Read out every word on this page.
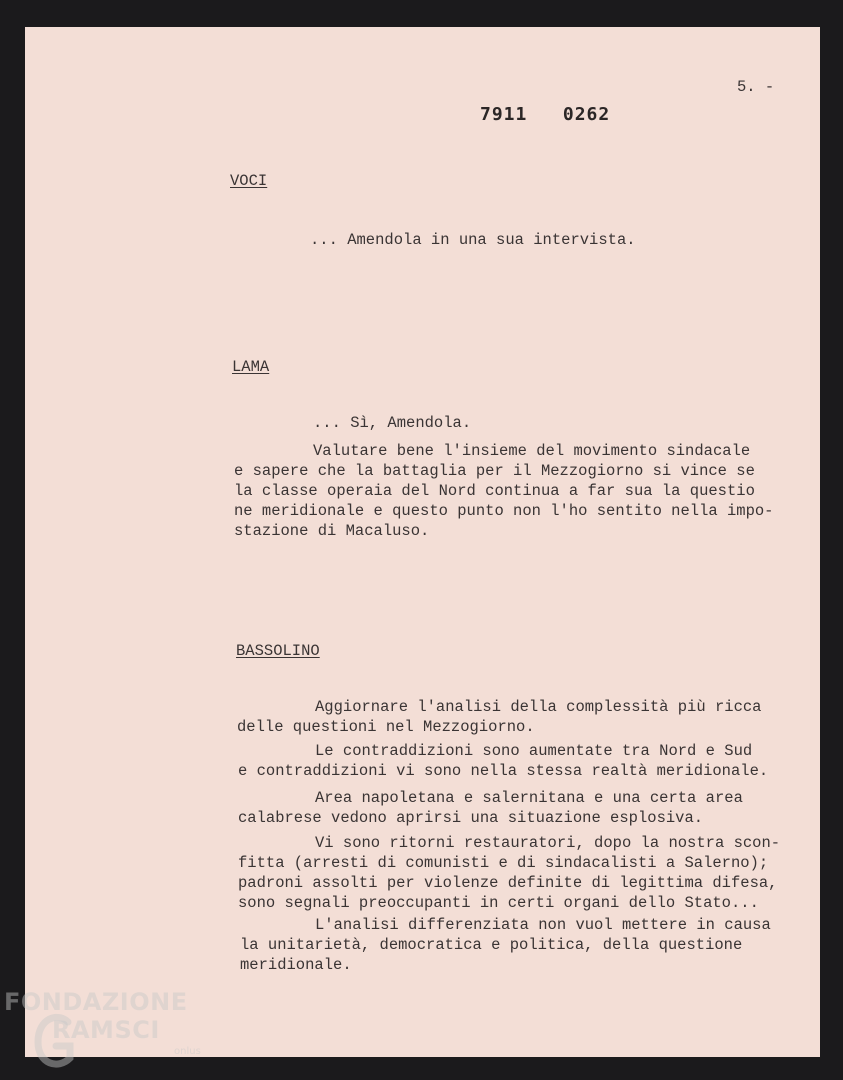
5. -
7911   0262
VOCI
... Amendola in una sua intervista.
LAMA
... Sì, Amendola.
Valutare bene l'insieme del movimento sindacale
e sapere che la battaglia per il Mezzogiorno si vince se
la classe operaia del Nord continua a far sua la questio
ne meridionale e questo punto non l'ho sentito nella impo-
stazione di Macaluso.
BASSOLINO
Aggiornare l'analisi della complessità più ricca
delle questioni nel Mezzogiorno.
Le contraddizioni sono aumentate tra Nord e Sud
e contraddizioni vi sono nella stessa realtà meridionale.
Area napoletana e salernitana e una certa area
calabrese vedono aprirsi una situazione esplosiva.
Vi sono ritorni restauratori, dopo la nostra scon-
fitta (arresti di comunisti e di sindacalisti a Salerno);
padroni assolti per violenze definite di legittima difesa,
sono segnali preoccupanti in certi organi dello Stato...
L'analisi differenziata non vuol mettere in causa
la unitarietà, democratica e politica, della questione
meridionale.
FONDAZIONE
RAMSCI
onlus
